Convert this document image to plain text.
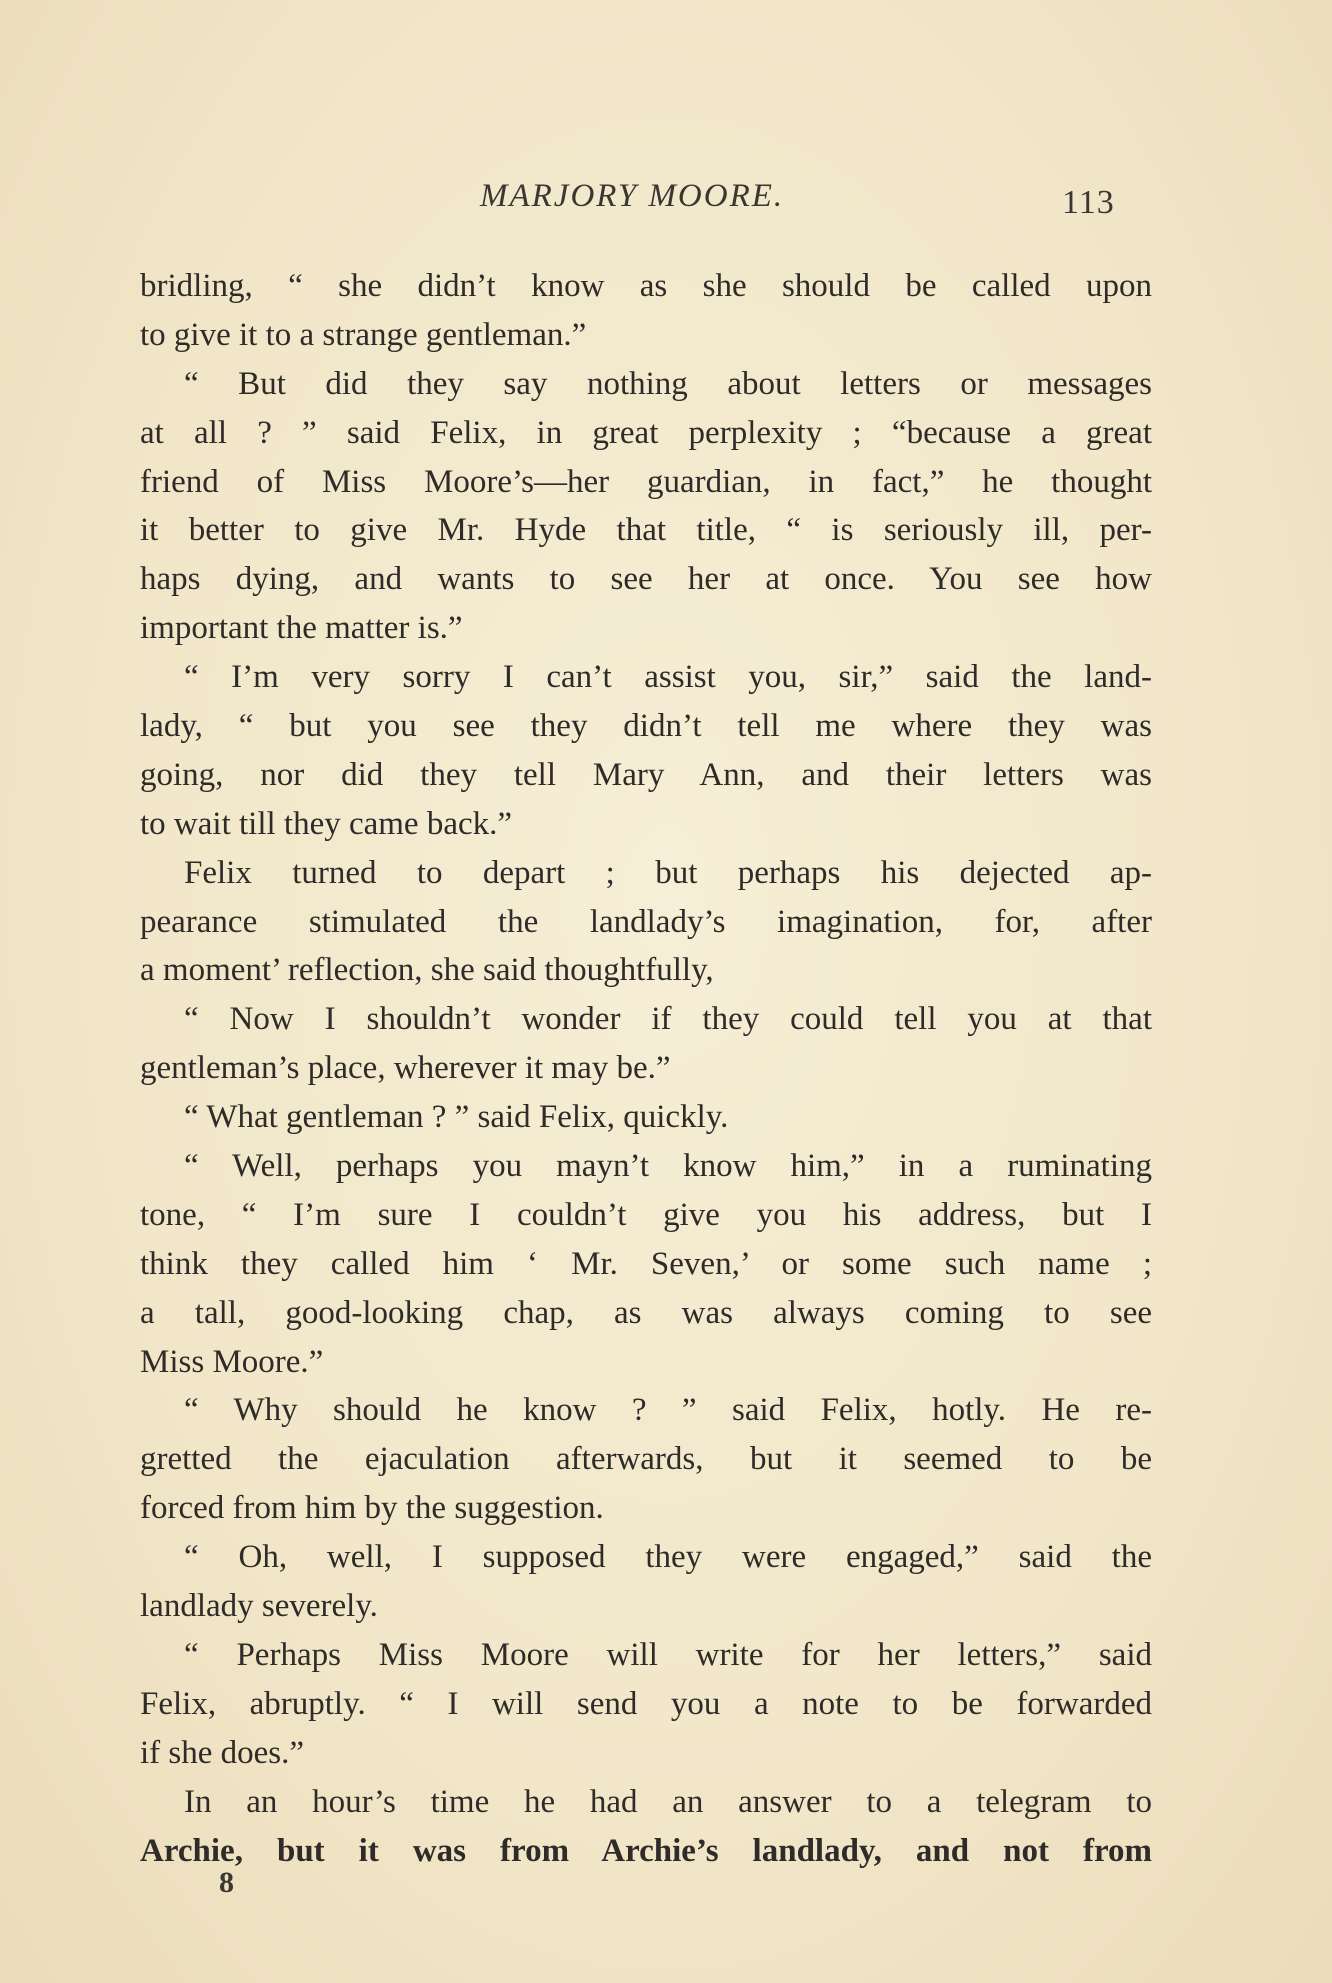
MARJORY MOORE.	113
bridling, “ she didn’t know as she should be called upon
to give it to a strange gentleman.”
“ But did they say nothing about letters or messages
at all ? ” said Felix, in great perplexity ; “because a great
friend of Miss Moore’s—her guardian, in fact,” he thought
it better to give Mr. Hyde that title, “ is seriously ill, per-
haps dying, and wants to see her at once. You see how
important the matter is.”
“ I’m very sorry I can’t assist you, sir,” said the land-
lady, “ but you see they didn’t tell me where they was
going, nor did they tell Mary Ann, and their letters was
to wait till they came back.”
Felix turned to depart ; but perhaps his dejected ap-
pearance stimulated the landlady’s imagination, for, after
a moment’ reflection, she said thoughtfully,
“ Now I shouldn’t wonder if they could tell you at that
gentleman’s place, wherever it may be.”
“ What gentleman ? ” said Felix, quickly.
“ Well, perhaps you mayn’t know him,” in a ruminating
tone, “ I’m sure I couldn’t give you his address, but I
think they called him ‘ Mr. Seven,’ or some such name ;
a tall, good-looking chap, as was always coming to see
Miss Moore.”
“ Why should he know ? ” said Felix, hotly. He re-
gretted the ejaculation afterwards, but it seemed to be
forced from him by the suggestion.
“ Oh, well, I supposed they were engaged,” said the
landlady severely.
“ Perhaps Miss Moore will write for her letters,” said
Felix, abruptly. “ I will send you a note to be forwarded
if she does.”
In an hour’s time he had an answer to a telegram to
Archie, but it was from Archie’s landlady, and not from
8
